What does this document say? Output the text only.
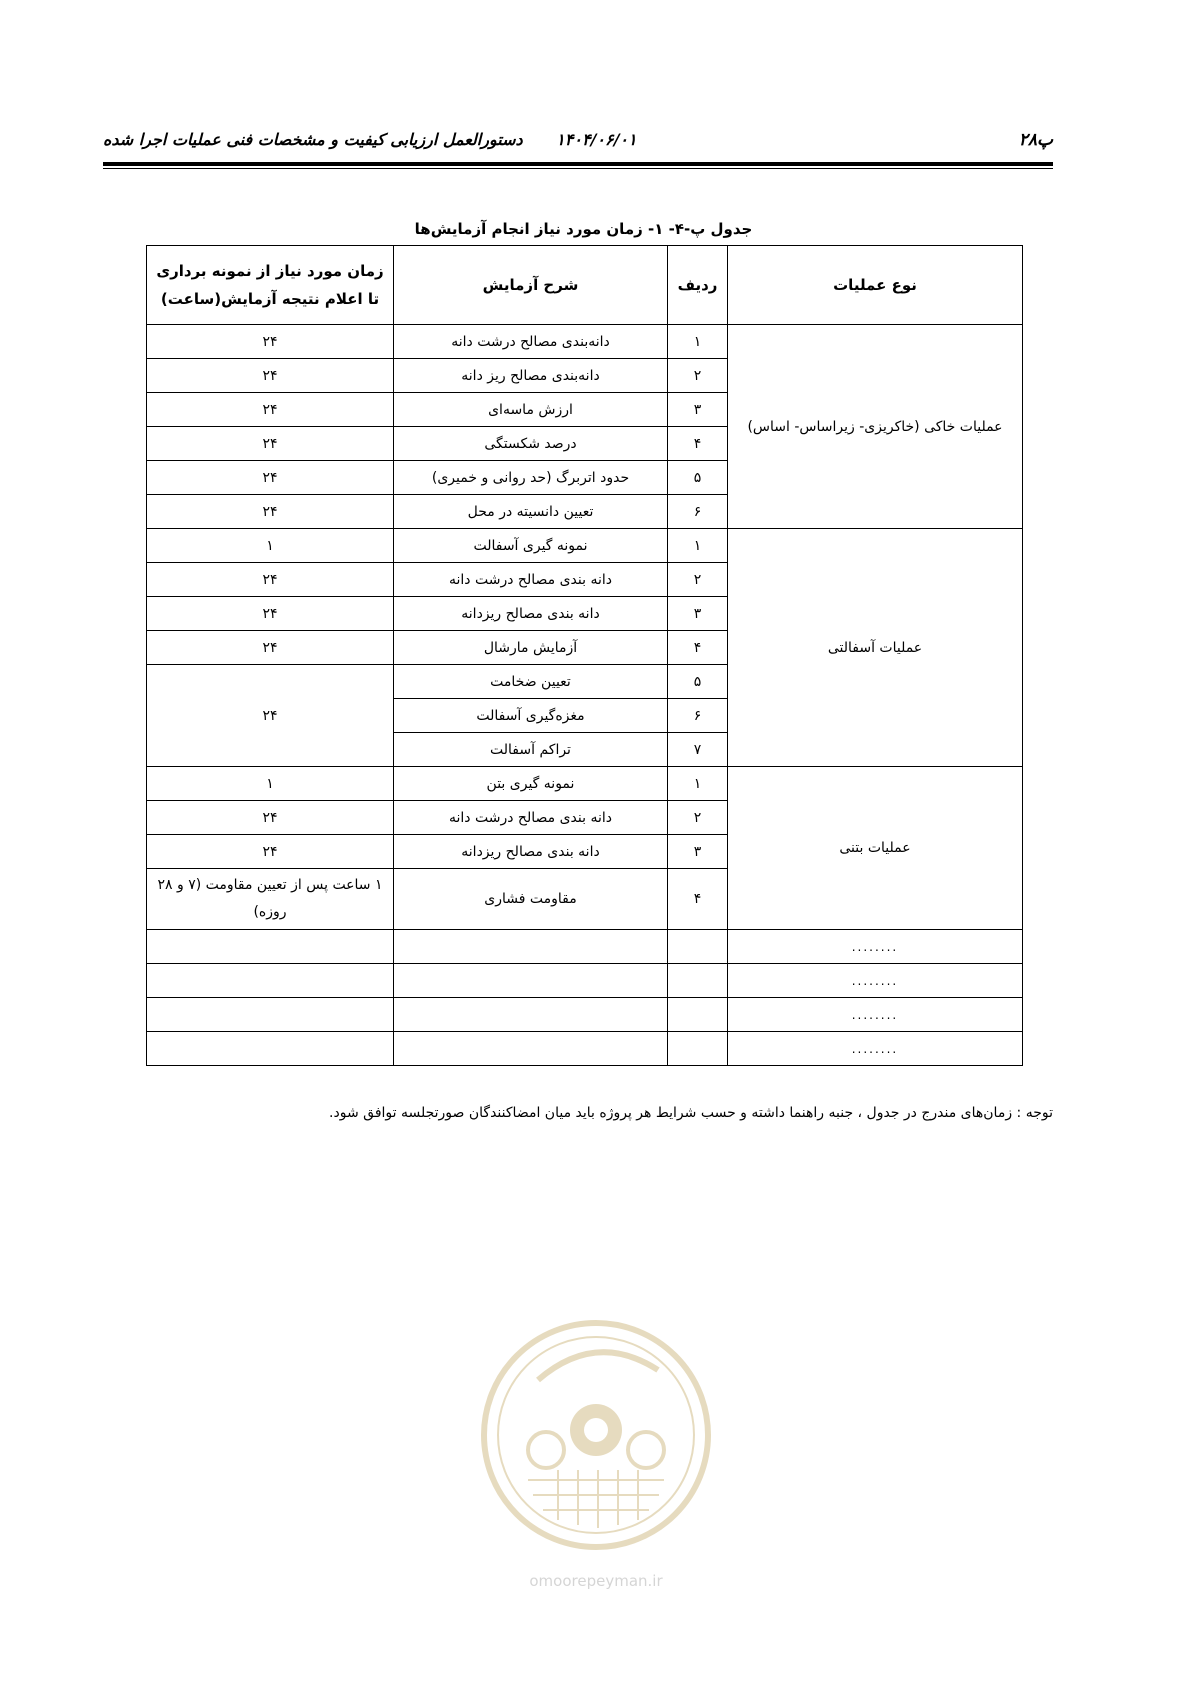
پ۲۸
۱۴۰۴/۰۶/۰۱ دستورالعمل ارزیابی کیفیت و مشخصات فنی عملیات اجرا شده
جدول پ-۴- ۱- زمان مورد نیاز انجام آزمایش‌ها
نوع عملیات	ردیف	شرح آزمایش	زمان مورد نیاز از نمونه برداری تا اعلام نتیجه آزمایش(ساعت)
عملیات خاکی (خاکریزی- زیراساس- اساس)	۱	دانه‌بندی مصالح درشت دانه	۲۴
	۲	دانه‌بندی مصالح ریز دانه	۲۴
	۳	ارزش ماسه‌ای	۲۴
	۴	درصد شکستگی	۲۴
	۵	حدود اتربرگ (حد روانی و خمیری)	۲۴
	۶	تعیین دانسیته در محل	۲۴
عملیات آسفالتی	۱	نمونه گیری آسفالت	۱
	۲	دانه بندی مصالح درشت دانه	۲۴
	۳	دانه بندی مصالح ریزدانه	۲۴
	۴	آزمایش مارشال	۲۴
	۵	تعیین ضخامت	۲۴
	۶	مغزه‌گیری آسفالت	
	۷	تراکم آسفالت	
عملیات بتنی	۱	نمونه گیری بتن	۱
	۲	دانه بندی مصالح درشت دانه	۲۴
	۳	دانه بندی مصالح ریزدانه	۲۴
	۴	مقاومت فشاری	۱ ساعت پس از تعیین مقاومت (۷ و ۲۸ روزه)
........			
........			
........			
........			
توجه : زمان‌های مندرج در جدول ، جنبه راهنما داشته و حسب شرایط هر پروژه باید میان امضاکنندگان صورتجلسه توافق شود.
omoorepeyman.ir
